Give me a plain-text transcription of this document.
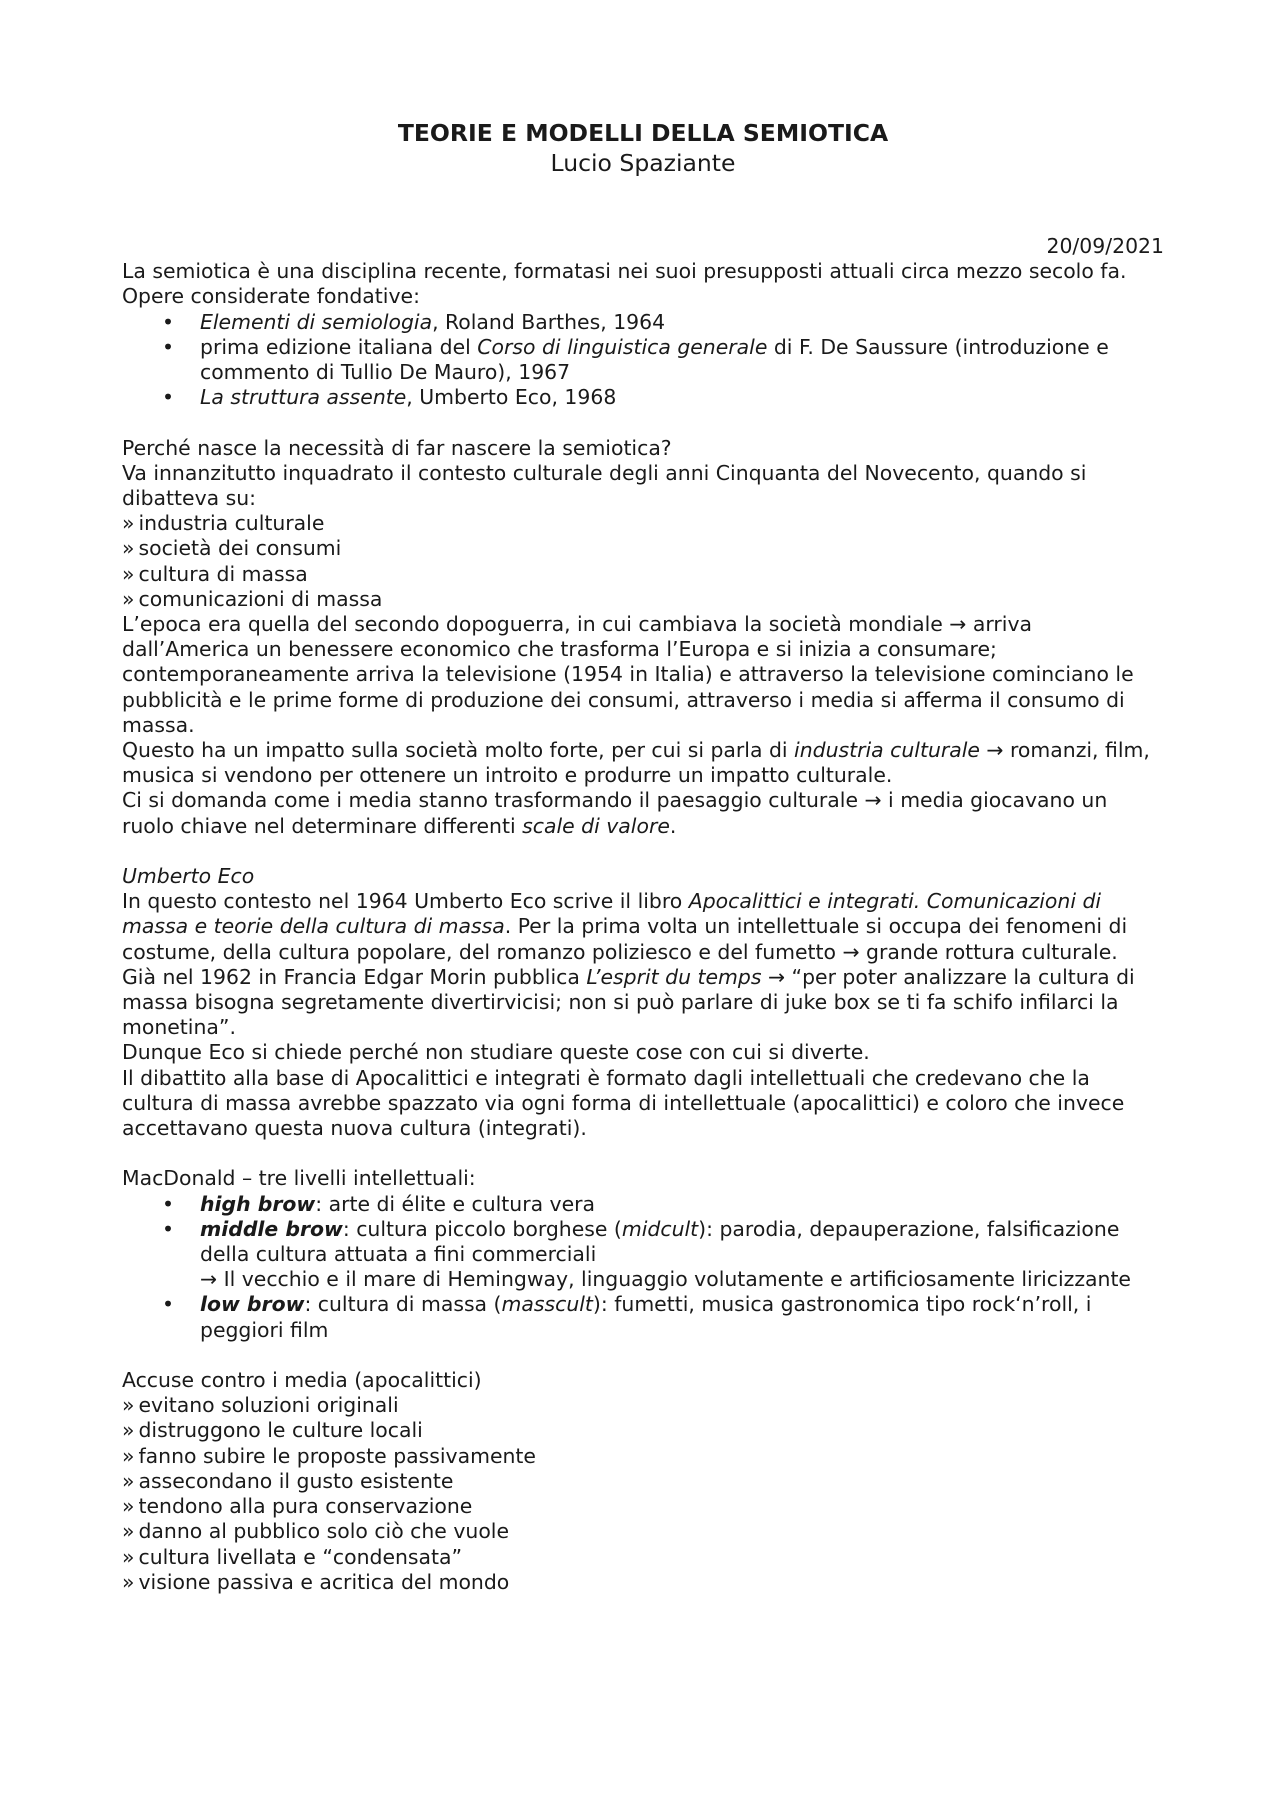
TEORIE E MODELLI DELLA SEMIOTICA
Lucio Spaziante
20/09/2021

La semiotica è una disciplina recente, formatasi nei suoi presupposti attuali circa mezzo secolo fa. Opere considerate fondative:

• Elementi di semiologia, Roland Barthes, 1964
• prima edizione italiana del Corso di linguistica generale di F. De Saussure (introduzione e commento di Tullio De Mauro), 1967
• La struttura assente, Umberto Eco, 1968

Perché nasce la necessità di far nascere la semiotica?

Va innanzitutto inquadrato il contesto culturale degli anni Cinquanta del Novecento, quando si dibatteva su:

» industria culturale

» società dei consumi

» cultura di massa

» comunicazioni di massa

L’epoca era quella del secondo dopoguerra, in cui cambiava la società mondiale → arriva dall’America un benessere economico che trasforma l’Europa e si inizia a consumare; contemporaneamente arriva la televisione (1954 in Italia) e attraverso la televisione cominciano le pubblicità e le prime forme di produzione dei consumi, attraverso i media si afferma il consumo di massa.

Questo ha un impatto sulla società molto forte, per cui si parla di industria culturale → romanzi, film, musica si vendono per ottenere un introito e produrre un impatto culturale.

Ci si domanda come i media stanno trasformando il paesaggio culturale → i media giocavano un ruolo chiave nel determinare differenti scale di valore.

Umberto Eco

In questo contesto nel 1964 Umberto Eco scrive il libro Apocalittici e integrati. Comunicazioni di massa e teorie della cultura di massa. Per la prima volta un intellettuale si occupa dei fenomeni di costume, della cultura popolare, del romanzo poliziesco e del fumetto → grande rottura culturale.

Già nel 1962 in Francia Edgar Morin pubblica L’esprit du temps → “per poter analizzare la cultura di massa bisogna segretamente divertirvicisi; non si può parlare di juke box se ti fa schifo infilarci la monetina”.

Dunque Eco si chiede perché non studiare queste cose con cui si diverte.

Il dibattito alla base di Apocalittici e integrati è formato dagli intellettuali che credevano che la cultura di massa avrebbe spazzato via ogni forma di intellettuale (apocalittici) e coloro che invece accettavano questa nuova cultura (integrati).

MacDonald – tre livelli intellettuali:

• high brow: arte di élite e cultura vera
• middle brow: cultura piccolo borghese (midcult): parodia, depauperazione, falsificazione della cultura attuata a fini commerciali
→ Il vecchio e il mare di Hemingway, linguaggio volutamente e artificiosamente liricizzante
• low brow: cultura di massa (masscult): fumetti, musica gastronomica tipo rock‘n’roll, i peggiori film

Accuse contro i media (apocalittici)

» evitano soluzioni originali

» distruggono le culture locali

» fanno subire le proposte passivamente

» assecondano il gusto esistente

» tendono alla pura conservazione

» danno al pubblico solo ciò che vuole

» cultura livellata e “condensata”

» visione passiva e acritica del mondo
